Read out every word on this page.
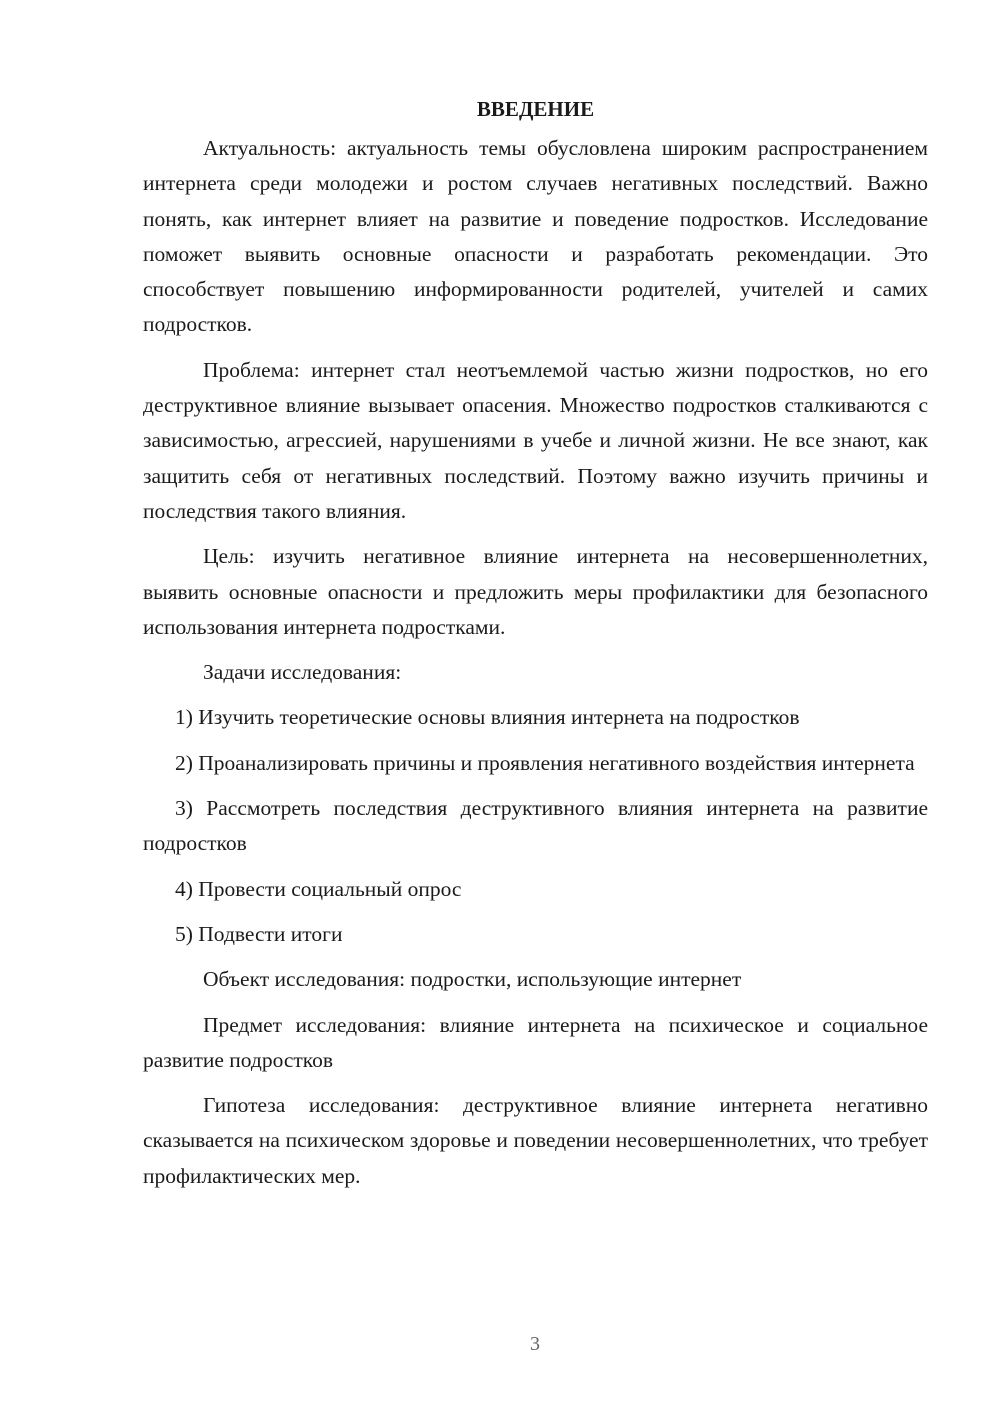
ВВЕДЕНИЕ

Актуальность: актуальность темы обусловлена широким распространением интернета среди молодежи и ростом случаев негативных последствий. Важно понять, как интернет влияет на развитие и поведение подростков. Исследование поможет выявить основные опасности и разработать рекомендации. Это способствует повышению информированности родителей, учителей и самих подростков.

Проблема: интернет стал неотъемлемой частью жизни подростков, но его деструктивное влияние вызывает опасения. Множество подростков сталкиваются с зависимостью, агрессией, нарушениями в учебе и личной жизни. Не все знают, как защитить себя от негативных последствий. Поэтому важно изучить причины и последствия такого влияния.

Цель: изучить негативное влияние интернета на несовершеннолетних, выявить основные опасности и предложить меры профилактики для безопасного использования интернета подростками.

Задачи исследования:

1) Изучить теоретические основы влияния интернета на подростков

2) Проанализировать причины и проявления негативного воздействия интернета

3) Рассмотреть последствия деструктивного влияния интернета на развитие подростков

4) Провести социальный опрос

5) Подвести итоги

Объект исследования: подростки, использующие интернет

Предмет исследования: влияние интернета на психическое и социальное развитие подростков

Гипотеза исследования: деструктивное влияние интернета негативно сказывается на психическом здоровье и поведении несовершеннолетних, что требует профилактических мер.

3
